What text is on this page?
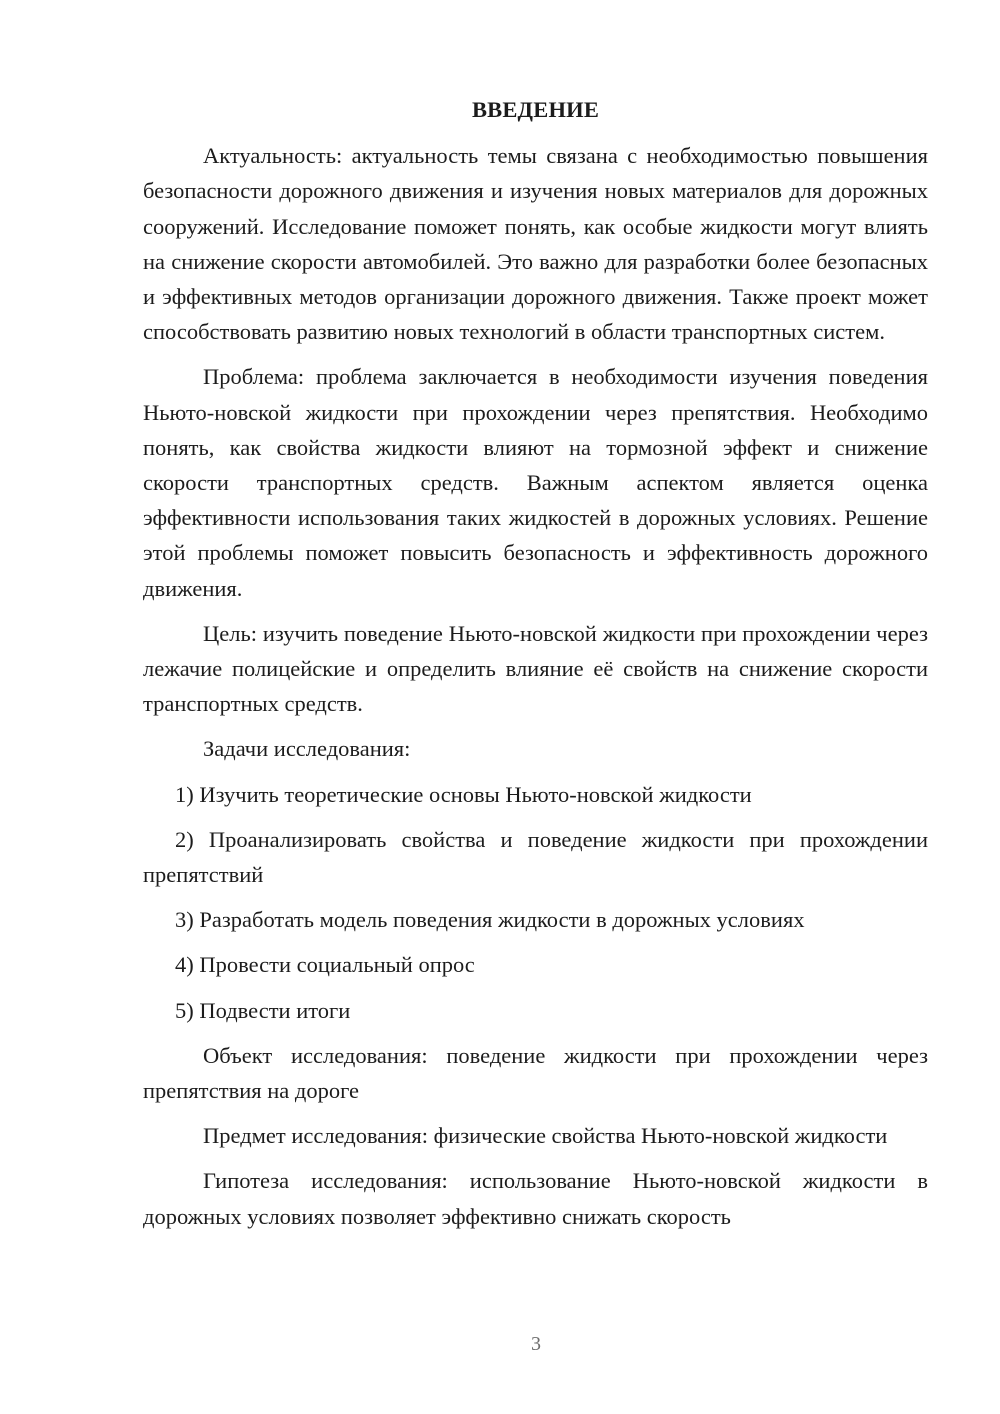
ВВЕДЕНИЕ

Актуальность: актуальность темы связана с необходимостью повышения безопасности дорожного движения и изучения новых материалов для дорожных сооружений. Исследование поможет понять, как особые жидкости могут влиять на снижение скорости автомобилей. Это важно для разработки более безопасных и эффективных методов организации дорожного движения. Также проект может способствовать развитию новых технологий в области транспортных систем.

Проблема: проблема заключается в необходимости изучения поведения Ньюто-новской жидкости при прохождении через препятствия. Необходимо понять, как свойства жидкости влияют на тормозной эффект и снижение скорости транспортных средств. Важным аспектом является оценка эффективности использования таких жидкостей в дорожных условиях. Решение этой проблемы поможет повысить безопасность и эффективность дорожного движения.

Цель: изучить поведение Ньюто-новской жидкости при прохождении через лежачие полицейские и определить влияние её свойств на снижение скорости транспортных средств.

Задачи исследования:

1) Изучить теоретические основы Ньюто-новской жидкости

2) Проанализировать свойства и поведение жидкости при прохождении препятствий

3) Разработать модель поведения жидкости в дорожных условиях

4) Провести социальный опрос

5) Подвести итоги

Объект исследования: поведение жидкости при прохождении через препятствия на дороге

Предмет исследования: физические свойства Ньюто-новской жидкости

Гипотеза исследования: использование Ньюто-новской жидкости в дорожных условиях позволяет эффективно снижать скорость

3
